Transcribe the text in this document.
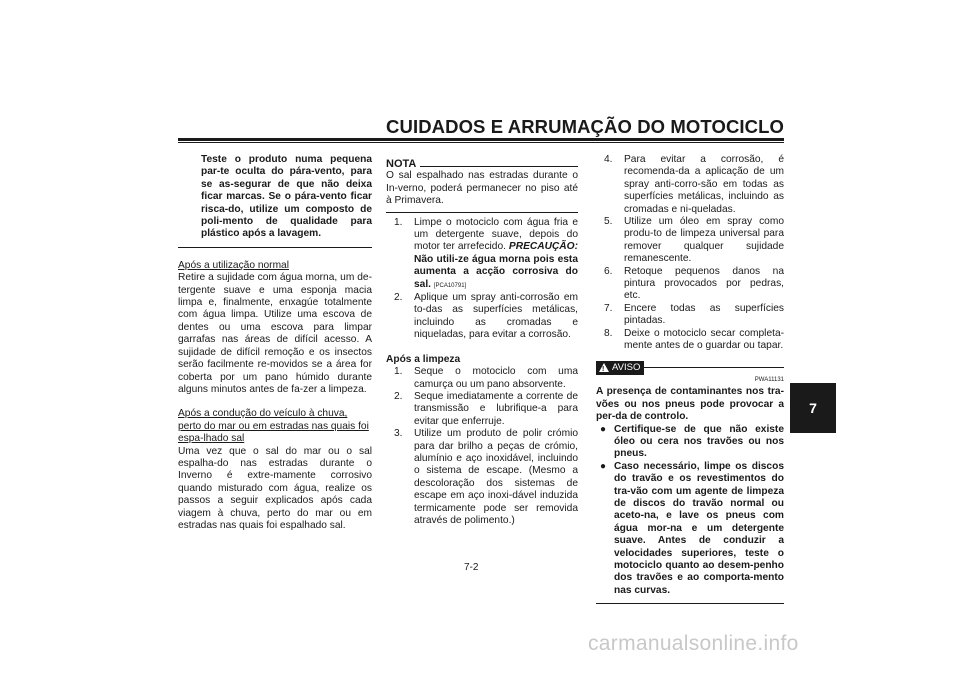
CUIDADOS E ARRUMAÇÃO DO MOTOCICLO
7
Teste o produto numa pequena par-te oculta do pára-vento, para se as-segurar de que não deixa ficar marcas. Se o pára-vento ficar risca-do, utilize um composto de poli-mento de qualidade para plástico após a lavagem.
Após a utilização normal
Retire a sujidade com água morna, um de-tergente suave e uma esponja macia limpa e, finalmente, enxagúe totalmente com água limpa. Utilize uma escova de dentes ou uma escova para limpar garrafas nas áreas de difícil acesso. A sujidade de difícil remoção e os insectos serão facilmente re-movidos se a área for coberta por um pano húmido durante alguns minutos antes de fa-zer a limpeza.
Após a condução do veículo à chuva, perto do mar ou em estradas nas quais foi espa-lhado sal
Uma vez que o sal do mar ou o sal espalha-do nas estradas durante o Inverno é extre-mamente corrosivo quando misturado com água, realize os passos a seguir explicados após cada viagem à chuva, perto do mar ou em estradas nas quais foi espalhado sal.
NOTA
O sal espalhado nas estradas durante o In-verno, poderá permanecer no piso até à Primavera.
1.	Limpe o motociclo com água fria e um detergente suave, depois do motor ter arrefecido. PRECAUÇÃO: Não utili-ze água morna pois esta aumenta a acção corrosiva do sal. [PCA10791]
2.	Aplique um spray anti-corrosão em to-das as superfícies metálicas, incluindo as cromadas e niqueladas, para evitar a corrosão.
Após a limpeza
1.	Seque o motociclo com uma camurça ou um pano absorvente.
2.	Seque imediatamente a corrente de transmissão e lubrifique-a para evitar que enferruje.
3.	Utilize um produto de polir crómio para dar brilho a peças de crómio, alumínio e aço inoxidável, incluindo o sistema de escape. (Mesmo a descoloração dos sistemas de escape em aço inoxi-dável induzida termicamente pode ser removida através de polimento.)
4.	Para evitar a corrosão, é recomenda-da a aplicação de um spray anti-corro-são em todas as superfícies metálicas, incluindo as cromadas e ni-queladas.
5.	Utilize um óleo em spray como produ-to de limpeza universal para remover qualquer sujidade remanescente.
6.	Retoque pequenos danos na pintura provocados por pedras, etc.
7.	Encere todas as superfícies pintadas.
8.	Deixe o motociclo secar completa-mente antes de o guardar ou tapar.
! AVISO
PWA11131
A presença de contaminantes nos tra-vões ou nos pneus pode provocar a per-da de controlo.
● Certifique-se de que não existe óleo ou cera nos travões ou nos pneus.
● Caso necessário, limpe os discos do travão e os revestimentos do tra-vão com um agente de limpeza de discos do travão normal ou aceto-na, e lave os pneus com água mor-na e um detergente suave. Antes de conduzir a velocidades superiores, teste o motociclo quanto ao desem-penho dos travões e ao comporta-mento nas curvas.
7-2
carmanualsonline.info
